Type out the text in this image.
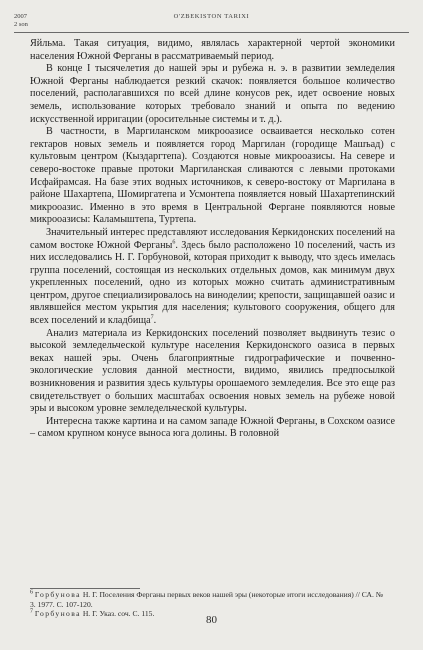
2007
2 son
O'ZBEKISTON TARIXI

Яйльма. Такая ситуация, видимо, являлась характерной чертой экономики населения Южной Ферганы в рассматриваемый период.

В конце I тысячелетия до нашей эры и рубежа н. э. в развитии земледелия Южной Ферганы наблюдается резкий скачок: появляется большое количество поселений, располагавшихся по всей длине конусов рек, идет освоение новых земель, использование которых требовало знаний и опыта по ведению искусственной ирригации (оросительные системы и т. д.).

В частности, в Маргиланском микрооазисе осваивается несколько сотен гектаров новых земель и появляется город Маргилан (городище Машъад) с культовым центром (Кыздаргтепа). Создаются новые микрооазисы. На севере и северо-востоке правые протоки Маргиланская сливаются с левыми протоками Исфайрамсая. На базе этих водных источников, к северо-востоку от Маргилана в районе Шахартепа, Шомиргатепа и Усмонтепа появляется новый Шахартепинский микрооазис. Именно в это время в Центральной Фергане появляются новые микрооазисы: Каламыштепа, Туртепа.

Значительный интерес представляют исследования Керкидонских поселений на самом востоке Южной Ферганы$^6$. Здесь было расположено 10 поселений, часть из них исследовались Н. Г. Горбуновой, которая приходит к выводу, что здесь имелась группа поселений, состоящая из нескольких отдельных домов, как минимум двух укрепленных поселений, одно из которых можно считать административным центром, другое специализировалось на виноделии; крепости, защищавшей оазис и являвшейся местом укрытия для населения; культового сооружения, общего для всех поселений и кладбища$^7$.

Анализ материала из Керкидонских поселений позволяет выдвинуть тезис о высокой земледельческой культуре населения Керкидонского оазиса в первых веках нашей эры. Очень благоприятные гидрографические и почвенно-экологические условия данной местности, видимо, явились предпосылкой возникновения и развития здесь культуры орошаемого земледелия. Все это еще раз свидетельствует о больших масштабах освоения новых земель на рубеже новой эры и высоком уровне земледельческой культуры.

Интересна также картина и на самом западе Южной Ферганы, в Сохском оазисе – самом крупном конусе выноса юга долины. В головной

$^6$ Горбунова Н. Г. Поселения Ферганы первых веков нашей эры (некоторые итоги исследования) // СА. № 3. 1977. С. 107-120.

$^7$ Горбунова Н. Г. Указ. соч. С. 115.

80
